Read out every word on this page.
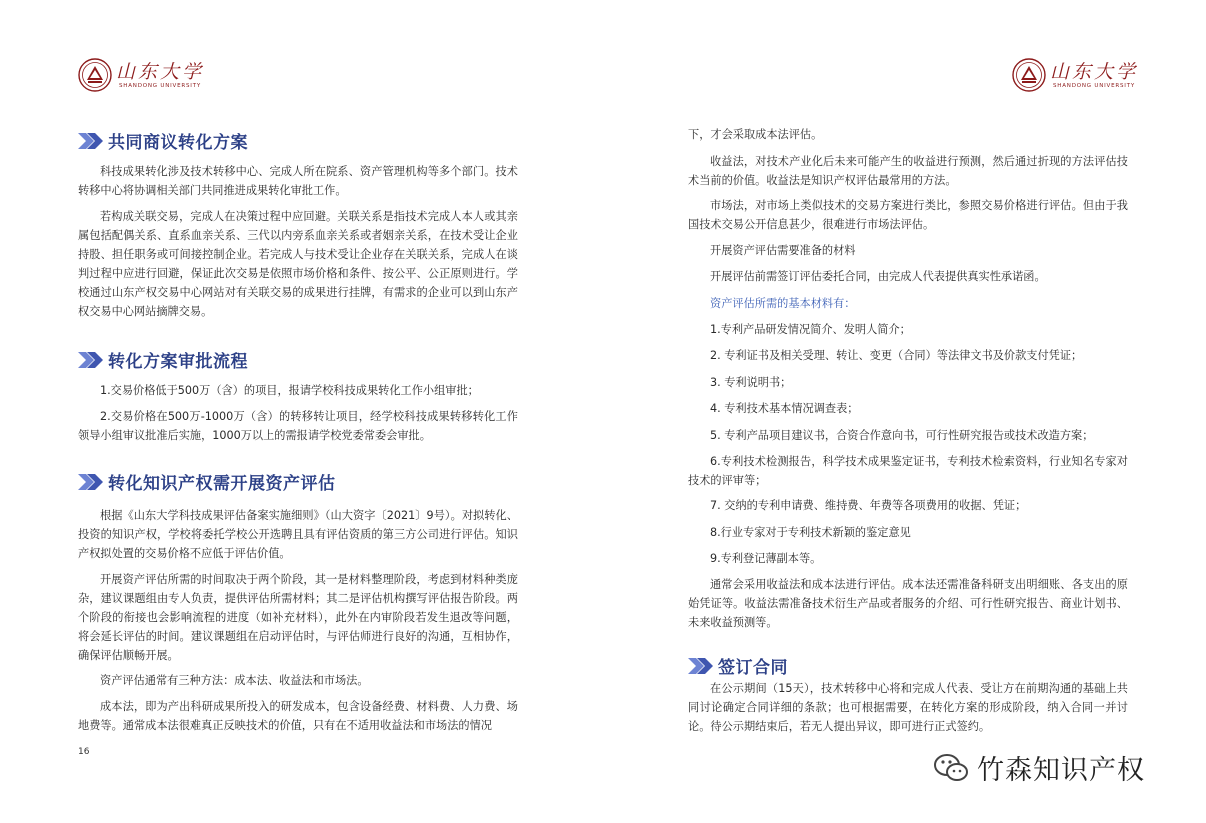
山东大学
SHANDONG UNIVERSITY
共同商议转化方案

科技成果转化涉及技术转移中心、完成人所在院系、资产管理机构等多个部门。技术转移中心将协调相关部门共同推进成果转化审批工作。

若构成关联交易，完成人在决策过程中应回避。关联关系是指技术完成人本人或其亲属包括配偶关系、直系血亲关系、三代以内旁系血亲关系或者姻亲关系，在技术受让企业持股、担任职务或可间接控制企业。若完成人与技术受让企业存在关联关系，完成人在谈判过程中应进行回避，保证此次交易是依照市场价格和条件、按公平、公正原则进行。学校通过山东产权交易中心网站对有关联交易的成果进行挂牌，有需求的企业可以到山东产权交易中心网站摘牌交易。

转化方案审批流程

1.交易价格低于500万（含）的项目，报请学校科技成果转化工作小组审批；

2.交易价格在500万-1000万（含）的转移转让项目，经学校科技成果转移转化工作领导小组审议批准后实施，1000万以上的需报请学校党委常委会审批。

转化知识产权需开展资产评估

根据《山东大学科技成果评估备案实施细则》（山大资字〔2021〕9号）。对拟转化、投资的知识产权，学校将委托学校公开选聘且具有评估资质的第三方公司进行评估。知识产权拟处置的交易价格不应低于评估价值。

开展资产评估所需的时间取决于两个阶段，其一是材料整理阶段，考虑到材料种类庞杂，建议课题组由专人负责，提供评估所需材料；其二是评估机构撰写评估报告阶段。两个阶段的衔接也会影响流程的进度（如补充材料），此外在内审阶段若发生退改等问题，将会延长评估的时间。建议课题组在启动评估时，与评估师进行良好的沟通，互相协作，确保评估顺畅开展。

资产评估通常有三种方法：成本法、收益法和市场法。

成本法，即为产出科研成果所投入的研发成本，包含设备经费、材料费、人力费、场地费等。通常成本法很难真正反映技术的价值，只有在不适用收益法和市场法的情况

16
山东大学
SHANDONG UNIVERSITY

下，才会采取成本法评估。

收益法，对技术产业化后未来可能产生的收益进行预测，然后通过折现的方法评估技术当前的价值。收益法是知识产权评估最常用的方法。

市场法，对市场上类似技术的交易方案进行类比，参照交易价格进行评估。但由于我国技术交易公开信息甚少，很难进行市场法评估。

开展资产评估需要准备的材料

开展评估前需签订评估委托合同，由完成人代表提供真实性承诺函。

资产评估所需的基本材料有：

1.专利产品研发情况简介、发明人简介；

2. 专利证书及相关受理、转让、变更（合同）等法律文书及价款支付凭证；

3. 专利说明书；

4. 专利技术基本情况调查表；

5. 专利产品项目建议书，合资合作意向书，可行性研究报告或技术改造方案；

6.专利技术检测报告，科学技术成果鉴定证书，专利技术检索资料，行业知名专家对技术的评审等；

7. 交纳的专利申请费、维持费、年费等各项费用的收据、凭证；

8.行业专家对于专利技术新颖的鉴定意见

9.专利登记薄副本等。

通常会采用收益法和成本法进行评估。成本法还需准备科研支出明细账、各支出的原始凭证等。收益法需准备技术衍生产品或者服务的介绍、可行性研究报告、商业计划书、未来收益预测等。

签订合同

在公示期间（15天），技术转移中心将和完成人代表、受让方在前期沟通的基础上共同讨论确定合同详细的条款；也可根据需要，在转化方案的形成阶段，纳入合同一并讨论。待公示期结束后，若无人提出异议，即可进行正式签约。

竹森知识产权
